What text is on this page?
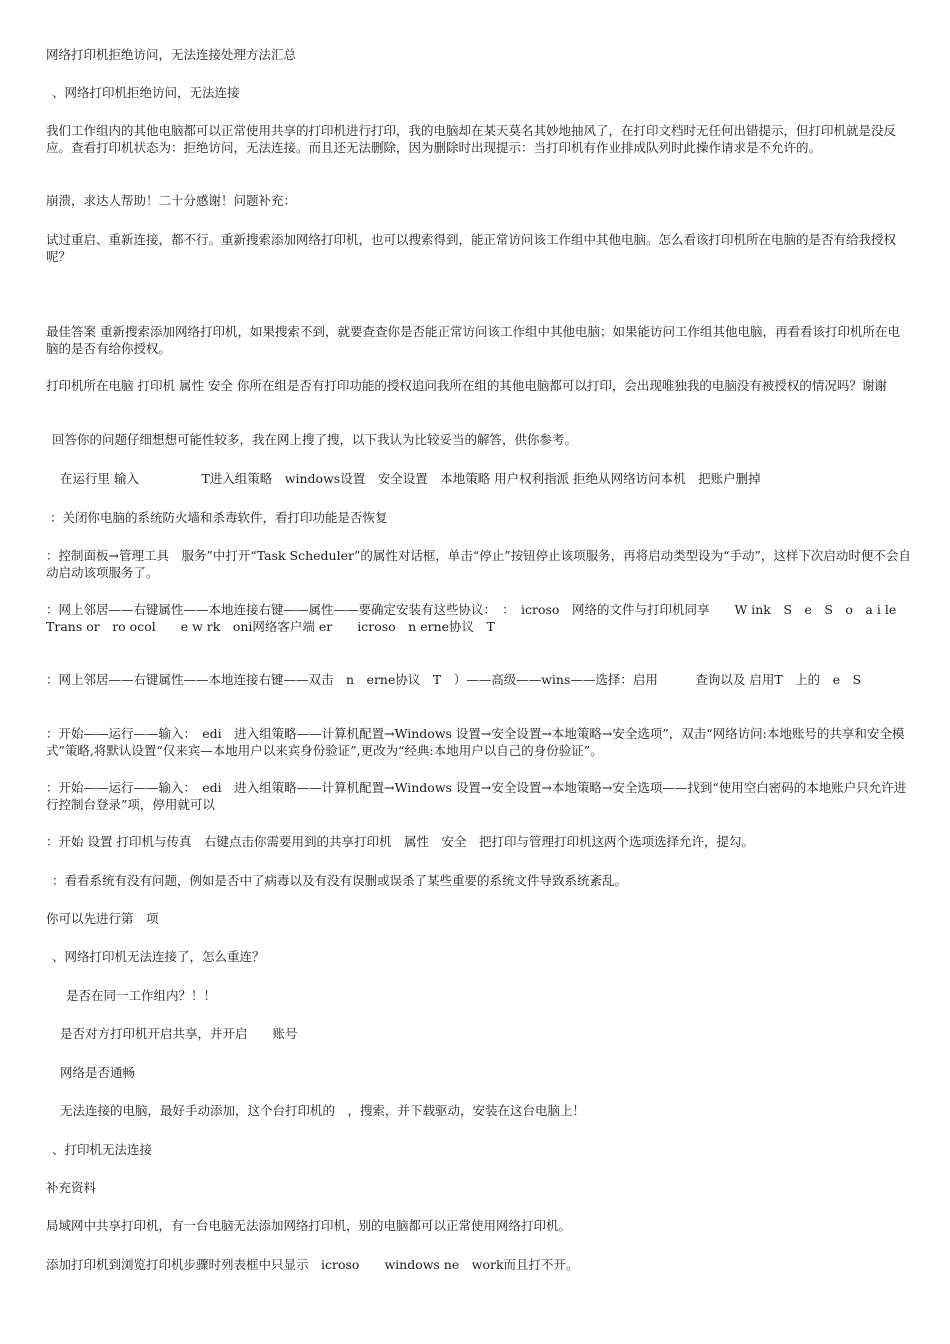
网络打印机拒绝访问，无法连接处理方法汇总

、网络打印机拒绝访问，无法连接

我们工作组内的其他电脑都可以正常使用共享的打印机进行打印，我的电脑却在某天莫名其妙地抽风了，在打印文档时无任何出错提示，但打印机就是没反应。查看打印机状态为：拒绝访问，无法连接。而且还无法删除，因为删除时出现提示：当打印机有作业排成队列时此操作请求是不允许的。

崩溃，求达人帮助！二十分感谢！问题补充：

试过重启、重新连接，都不行。重新搜索添加网络打印机，也可以搜索得到，能正常访问该工作组中其他电脑。怎么看该打印机所在电脑的是否有给我授权呢？

最佳答案 重新搜索添加网络打印机，如果搜索不到，就要查查你是否能正常访问该工作组中其他电脑；如果能访问工作组其他电脑，再看看该打印机所在电脑的是否有给你授权。

打印机所在电脑 打印机 属性 安全 你所在组是否有打印功能的授权追问我所在组的其他电脑都可以打印，会出现唯独我的电脑没有被授权的情况吗？谢谢

回答你的问题仔细想想可能性较多，我在网上搜了搜，以下我认为比较妥当的解答，供你参考。

在运行里 输入　　　　　T进入组策略　windows设置　安全设置　本地策略 用户权利指派 拒绝从网络访问本机　把账户删掉

：关闭你电脑的系统防火墙和杀毒软件，看打印功能是否恢复

：控制面板→管理工具　服务”中打开“Task Scheduler”的属性对话框，单击“停止”按钮停止该项服务，再将启动类型设为“手动”，这样下次启动时便不会自动启动该项服务了。

：网上邻居——右键属性——本地连接右键——属性——要确定安装有这些协议：　：　icroso　网络的文件与打印机同享　　W ink　S　e　S　o　a i le Trans or　ro ocol　　e w rk　oni网络客户端 er　　icroso　n erne协议　T

：网上邻居——右键属性——本地连接右键——双击　n　erne协议　T　）——高级——wins——选择：启用　　　查询以及 启用T　上的　e　S

：开始——运行——输入：　edi　进入组策略——计算机配置→Windows 设置→安全设置→本地策略→安全选项”，双击“网络访问:本地账号的共享和安全模式”策略,将默认设置“仅来宾—本地用户以来宾身份验证”,更改为“经典:本地用户以自己的身份验证”。

：开始——运行——输入：　edi　进入组策略——计算机配置→Windows 设置→安全设置→本地策略→安全选项——找到“使用空白密码的本地账户只允许进行控制台登录”项，停用就可以

：开始 设置 打印机与传真　右键点击你需要用到的共享打印机　属性　安全　把打印与管理打印机这两个选项选择允许，提勾。

：看看系统有没有问题，例如是否中了病毒以及有没有误删或误杀了某些重要的系统文件导致系统紊乱。

你可以先进行第　项

、网络打印机无法连接了，怎么重连？

是否在同一工作组内？！！

是否对方打印机开启共享，并开启　　账号

网络是否通畅

无法连接的电脑，最好手动添加，这个台打印机的　，搜索，并下载驱动，安装在这台电脑上！

、打印机无法连接

补充资料

局域网中共享打印机，有一台电脑无法添加网络打印机，别的电脑都可以正常使用网络打印机。

添加打印机到浏览打印机步骤时列表框中只显示　icroso　　windows ne　work而且打不开。
